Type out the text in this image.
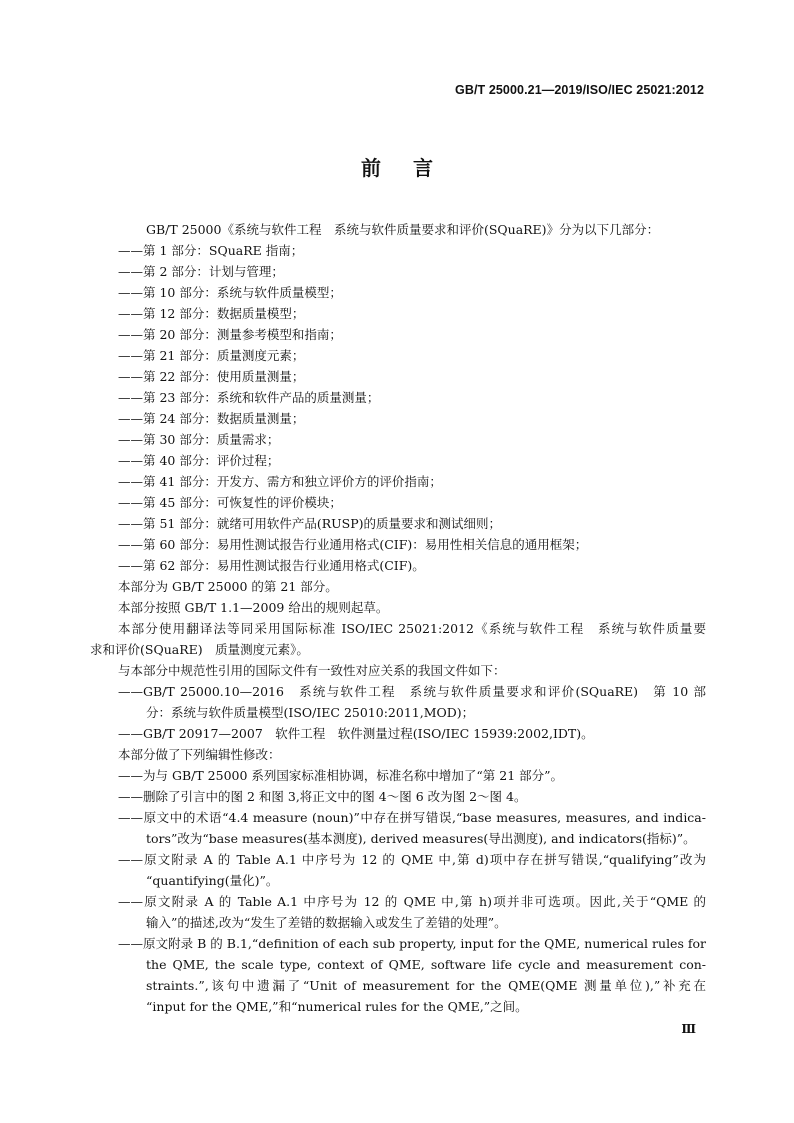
GB/T 25000.21—2019/ISO/IEC 25021:2012
前言
GB/T 25000《系统与软件工程　系统与软件质量要求和评价(SQuaRE)》分为以下几部分：
——第 1 部分：SQuaRE 指南；
——第 2 部分：计划与管理；
——第 10 部分：系统与软件质量模型；
——第 12 部分：数据质量模型；
——第 20 部分：测量参考模型和指南；
——第 21 部分：质量测度元素；
——第 22 部分：使用质量测量；
——第 23 部分：系统和软件产品的质量测量；
——第 24 部分：数据质量测量；
——第 30 部分：质量需求；
——第 40 部分：评价过程；
——第 41 部分：开发方、需方和独立评价方的评价指南；
——第 45 部分：可恢复性的评价模块；
——第 51 部分：就绪可用软件产品(RUSP)的质量要求和测试细则；
——第 60 部分：易用性测试报告行业通用格式(CIF)：易用性相关信息的通用框架；
——第 62 部分：易用性测试报告行业通用格式(CIF)。
本部分为 GB/T 25000 的第 21 部分。
本部分按照 GB/T 1.1—2009 给出的规则起草。
本部分使用翻译法等同采用国际标准 ISO/IEC 25021:2012《系统与软件工程　系统与软件质量要
求和评价(SQuaRE)　质量测度元素》。
与本部分中规范性引用的国际文件有一致性对应关系的我国文件如下：
——GB/T 25000.10—2016　系统与软件工程　系统与软件质量要求和评价(SQuaRE)　第 10 部
分：系统与软件质量模型(ISO/IEC 25010:2011,MOD)；
——GB/T 20917—2007　软件工程　软件测量过程(ISO/IEC 15939:2002,IDT)。
本部分做了下列编辑性修改：
——为与 GB/T 25000 系列国家标准相协调，标准名称中增加了“第 21 部分”。
——删除了引言中的图 2 和图 3,将正文中的图 4～图 6 改为图 2～图 4。
——原文中的术语“4.4 measure (noun)”中存在拼写错误,“base measures, measures, and indica-
tors”改为“base measures(基本测度), derived measures(导出测度), and indicators(指标)”。
——原文附录 A 的 Table A.1 中序号为 12 的 QME 中,第 d)项中存在拼写错误,“qualifying”改为
“quantifying(量化)”。
——原文附录 A 的 Table A.1 中序号为 12 的 QME 中,第 h)项并非可选项。因此,关于“QME 的
输入”的描述,改为“发生了差错的数据输入或发生了差错的处理”。
——原文附录 B 的 B.1,“definition of each sub property, input for the QME, numerical rules for
the QME, the scale type, context of QME, software life cycle and measurement con-
straints.”,该句中遗漏了“Unit of measurement for the QME(QME 测量单位),”补充在
“input for the QME,”和“numerical rules for the QME,”之间。
Ⅲ
